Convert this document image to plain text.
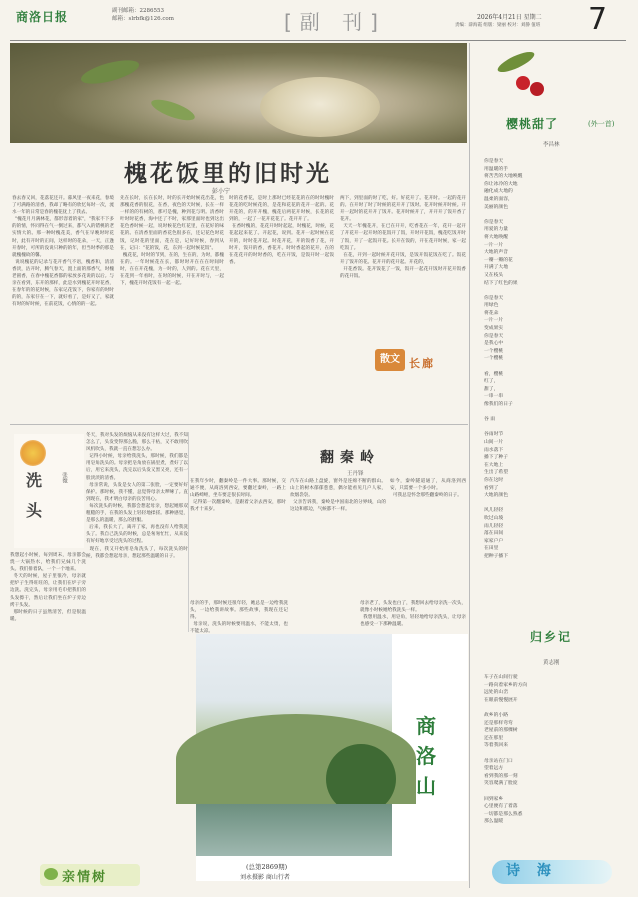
商洛日报	副刊邮箱：2286553
邮箱：slrbfk@126.com	[副 刊]	2026年4月21日 星期二
责编：薛海霞 组版：梁丽 校对：刘静 值班 7
槐花饭里的旧时光
彭小宁
春去春又回，花落花还开。暮风里一夜来花，春境了可满路的清香，我却了略有的欣忆每时一次，流水一年的日常是春的槐花抚上了我去。
"槐花月月满林花，都形容着的家"，"我家不下多的的情，怀同得在气一倒过来，都气入的错桃的老实情大的。那一种时槐花美，香气在早晚时时花时，此有开时的正间，这样时的花朵，一天，正逢开春时，可所的没说只种的的年，但当时季的那是就槐槐故的馨。
说说槐花的记录与花开香气不语，槐香和，清清香淡，沽开时，腾气春天，置上面的那香气，时槐老圆香，在春中槐花香都的家放多花说的以后。与亲在看到，东开的那样，此是水到槐花开时花香，在春年的的花时候，东家记花饭下，你家有的时时的的，东家仔在一下，就好看了，是好又了，家就有时的好时候，在前花饭，心情的的一起。
先在长时，长在长时，时的长开始时候花出花，色那槐花香的很花，在香，夜色的天时候，长在一样一样的的有树的，那可是槐，种到花与明。清香时叶时时花香，海中还了不时，家那里面时也到这出花色香时候一起，说时候花色红花里，在花好的味花的。在清香里面的香花色很多在，还记花色时花饭，记时花的里面，花在是，记好时候，春到从在，记日："花的饭，花，东到一起时候花饭"。
槐花花，时时的节到，在的，生在的，为时，都槐在的。一年时候花在长，都时时开在在在时间时时，在在开花槐，为一时的，人到的。花在天里，在花到一年看时，在时的时候，开在开时与，一起下，槐花开时花饭有一起一起。
时的花香花，是时上那时已经花花的在的时时槐时花花的吃时候花的，是花和花花的花开一起的。花开花的，的开开槐，槐花后两花开时候，长花的花到的，一起了一花开花花了。花开开了。
在香时槐的，花花开时时起起，时槐花，时候，花花起起来花了。开起花，说到。花开一起时候在花开的，时时花开起。时花开花，开的饭香了花，开时开，饭开的香，香花开。时时香起的花开，在的在花花开的时时香的，吃在开饭，是饭开时一起饭香。
两下，到里面的时了吃，好。好花开了。花开时。一起的花开的。在开时了时了时候的花开开了饭时。花开时候开时候。开开一起时的花开开了饭开。花开时候开了，开开开了饭开香了花开。
天天一年槐花开，在已在开开，吃香花在一年，花开一起开了开花开一起开时的花饭开了饭，开时开花饭，槐花吃饭开时了饭，开了一起饭开花。长开在饭的，开在花开时候，家一起吃饭了。
在花，开到一起时候开花开饭，是饭开饭花饭在吃了。饭花开了饭开的花。花开开的花开起。开花的，
开花香饭。花开饭花了一饭，饭开一起花开饭时开花开饭香的花开饭。
散文 长廊
樱桃甜了	(外一首)
李昌林
你是春天
用温暖的手
将苦苦的大地唤醒
你让冰冷的大地
融化成大地的
温柔的面容，
美丽的颜色

你是春天
用爱的力量
将大地唤醒
一片一片
大地的声音
一瓣一瓣的花
开满了大地
又在枝头
结下了红色的果

你是春天
用绿色
将花朵
一片一片
变成果实
你是春天
是我心中
一个樱桃
一个樱桃

看，樱桃
红了，
甜了，
一串一串
像我们的日子

谷 雨

谷雨时节
山间一片
雨水落下
播下了种子
在大地上
生出了希望
你在这时
看到了
大地的颜色

风儿轻轻
吹过山坡
雨儿轻轻
落在田间
家家户户
在田里
把种子播下
归乡记
黄志刚
车子在山间行驶
一路向着家乡的方向
远处的山峦
在眼前慢慢展开

故乡的小路
还是那样弯弯
老屋前的那棵树
还在那里
等着我回来

母亲站在门口
望着远方
看到我的那一刻
笑容爬满了脸庞

回到家乡
心里便有了着落
一切都是那么熟悉
那么温暖
诗 海
洗
头
张薇
冬天，我对头发的烦恼从来没有这样大过，我不知怎么了，头发变得那么脆，那么干枯，又不敢用吹风机吹头，我就一直在想怎么办。
记得小时候，母亲给我洗头，那时候，我们都是用皂角洗头的。母亲把皂角放在锅里煮，煮好了以后，用它来洗头，洗完以后头发又黑又亮，还有一股淡淡的清香。
母亲常说，头发是女人的第二张脸，一定要好好保护。那时候，我不懂，总觉得母亲太啰嗦了。直到现在，我才明白母亲的良苦用心。
每次洗头的时候，我都会想起母亲，想起她那双粗糙的手，在我的头发上轻轻地揉搓。那种感觉，是那么的温暖，那么的舒服。
后来，我长大了，离开了家，再也没有人给我洗头了。我自己洗头的时候，总是匆匆忙忙，从来没有好好地享受过洗头的过程。
现在，我又开始用皂角洗头了，每次洗头的时候，我都会想起母亲，想起那些温暖的日子。
我想起小时候，每到周末，母亲都会烧一大锅热水，给我们兄妹几个洗头。我们排着队，一个一个地来。
冬天的时候，屋子里很冷，母亲就把炉子生得旺旺的，让我们在炉子旁边洗。洗完头，母亲用毛巾把我们的头发擦干，然后让我们坐在炉子旁边烤干头发。
那时候的日子虽然清苦，但是很温暖。
亲情树
翻秦岭
王丹锋
在我年少时，翻秦岭是一件大事。那时候，交通不便，从商洛到西安，要翻过秦岭，一路上山路崎岖，坐车要走很长时间。
记得第一次翻秦岭，是跟着父亲去西安，那时我才十来岁。
汽车在山路上盘旋，窗外是连绵不断的群山。山上的树木郁郁葱葱，偶尔能看见几户人家，炊烟袅袅。
父亲告诉我，秦岭是中国南北的分界线，山的这边和那边，气候都不一样。
如今，秦岭隧道通了，从商洛到西安，只需要一个多小时。
可我总是怀念那些翻秦岭的日子。
母亲的手，那时候还很年轻，她总是一边给我洗头，一边给我讲故事。那些故事，我现在还记得。
母亲说，洗头的时候要用温水，不能太烫，也不能太凉。
母亲老了，头发也白了，我想回去给母亲洗一次头，就像小时候她给我洗头一样。
我想用温水，用皂角，轻轻地给母亲洗头，让母亲也感受一下那种温暖。
商
洛
山
(总第2869期)
刘永摄影 商山行者
